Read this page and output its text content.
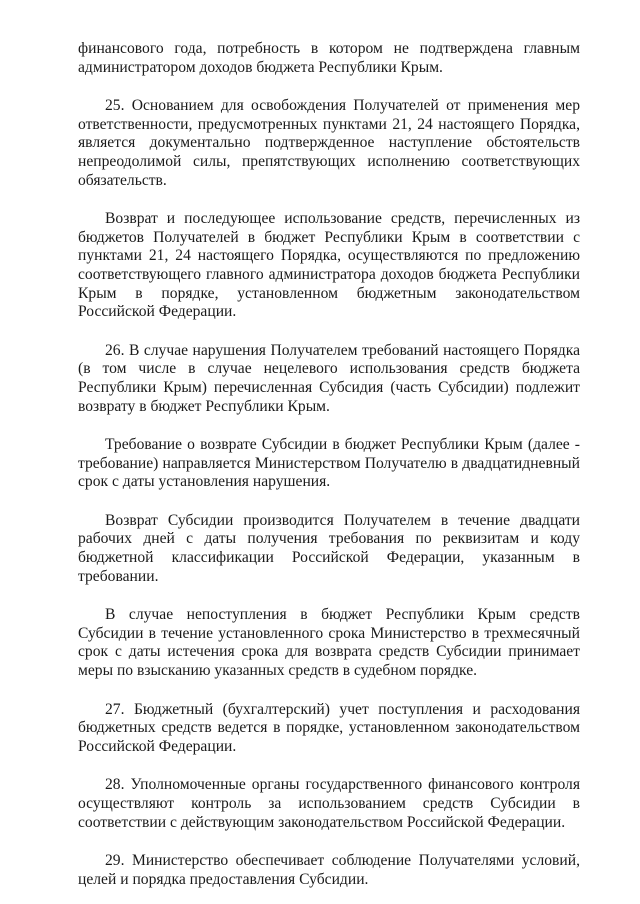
финансового года, потребность в котором не подтверждена главным администратором доходов бюджета Республики Крым.

25. Основанием для освобождения Получателей от применения мер ответственности, предусмотренных пунктами 21, 24 настоящего Порядка, является документально подтвержденное наступление обстоятельств непреодолимой силы, препятствующих исполнению соответствующих обязательств.

Возврат и последующее использование средств, перечисленных из бюджетов Получателей в бюджет Республики Крым в соответствии с пунктами 21, 24 настоящего Порядка, осуществляются по предложению соответствующего главного администратора доходов бюджета Республики Крым в порядке, установленном бюджетным законодательством Российской Федерации.

26. В случае нарушения Получателем требований настоящего Порядка (в том числе в случае нецелевого использования средств бюджета Республики Крым) перечисленная Субсидия (часть Субсидии) подлежит возврату в бюджет Республики Крым.

Требование о возврате Субсидии в бюджет Республики Крым (далее - требование) направляется Министерством Получателю в двадцатидневный срок с даты установления нарушения.

Возврат Субсидии производится Получателем в течение двадцати рабочих дней с даты получения требования по реквизитам и коду бюджетной классификации Российской Федерации, указанным в требовании.

В случае непоступления в бюджет Республики Крым средств Субсидии в течение установленного срока Министерство в трехмесячный срок с даты истечения срока для возврата средств Субсидии принимает меры по взысканию указанных средств в судебном порядке.

27. Бюджетный (бухгалтерский) учет поступления и расходования бюджетных средств ведется в порядке, установленном законодательством Российской Федерации.

28. Уполномоченные органы государственного финансового контроля осуществляют контроль за использованием средств Субсидии в соответствии с действующим законодательством Российской Федерации.

29. Министерство обеспечивает соблюдение Получателями условий, целей и порядка предоставления Субсидии.
